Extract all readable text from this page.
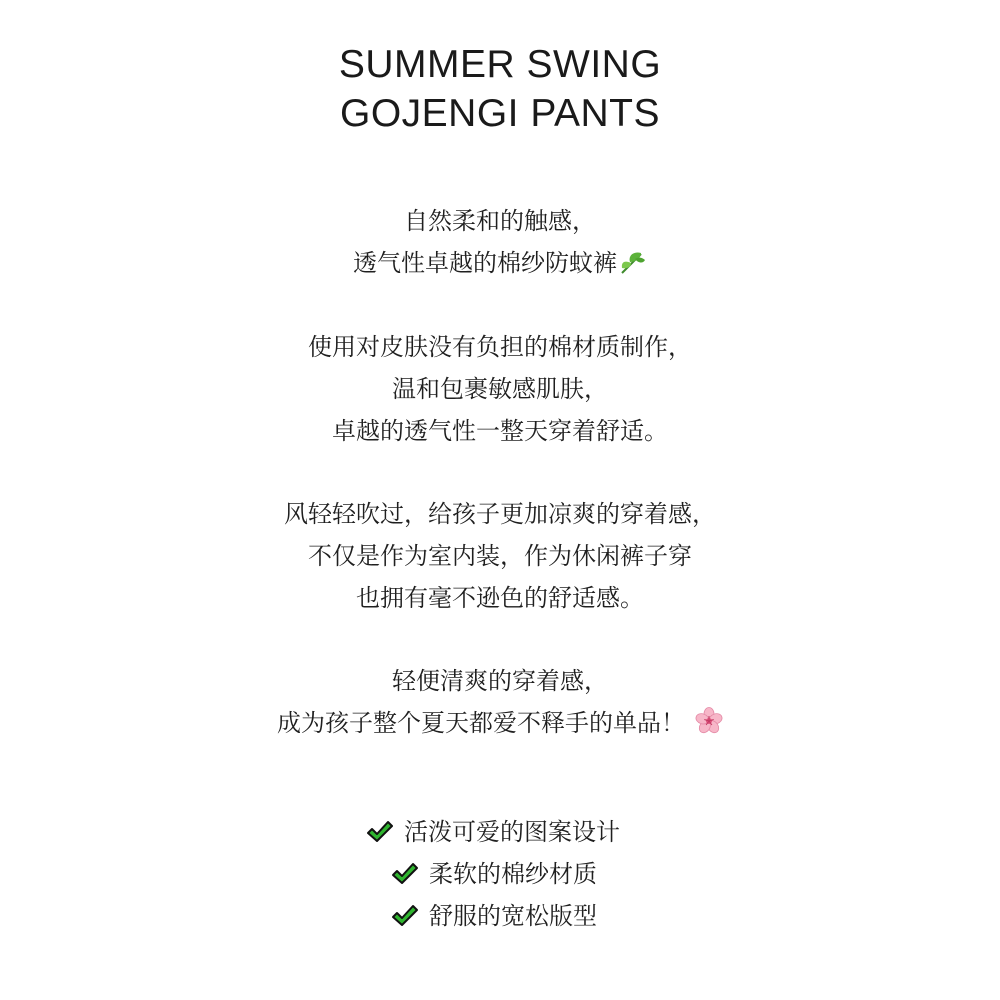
SUMMER SWING
GOJENGI PANTS
自然柔和的触感，
透气性卓越的棉纱防蚊裤
使用对皮肤没有负担的棉材质制作，
温和包裹敏感肌肤，
卓越的透气性一整天穿着舒适。
风轻轻吹过，给孩子更加凉爽的穿着感，
不仅是作为室内装，作为休闲裤子穿
也拥有毫不逊色的舒适感。
轻便清爽的穿着感，
成为孩子整个夏天都爱不释手的单品！
活泼可爱的图案设计
柔软的棉纱材质
舒服的宽松版型
